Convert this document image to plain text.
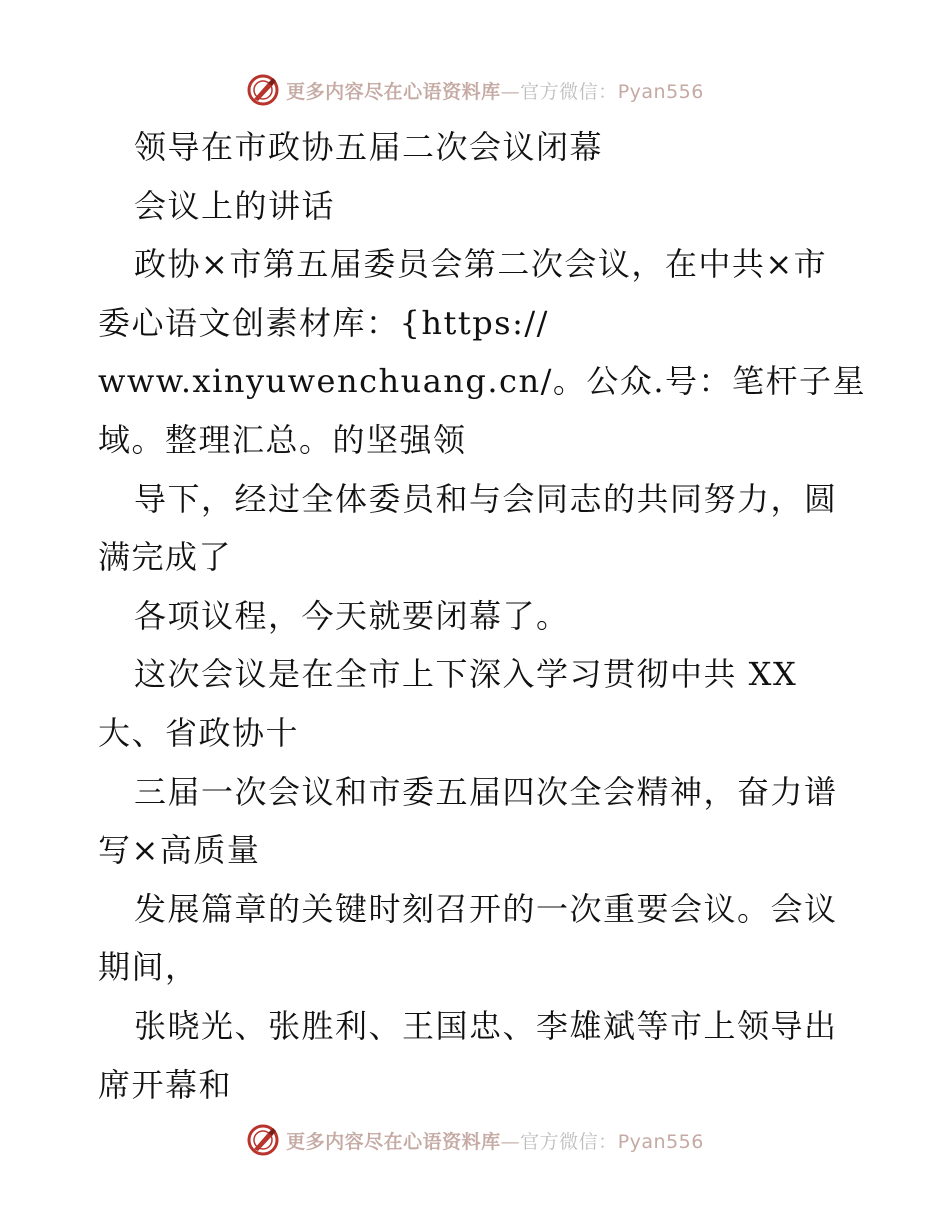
更多内容尽在心语资料库—官方微信：Pyan556
领导在市政协五届二次会议闭幕
会议上的讲话
政协×市第五届委员会第二次会议，在中共×市
委心语文创素材库：{https://
www.xinyuwenchuang.cn/。公众.号：笔杆子星
域。整理汇总。的坚强领
导下，经过全体委员和与会同志的共同努力，圆
满完成了
各项议程，今天就要闭幕了。
这次会议是在全市上下深入学习贯彻中共 XX
大、省政协十
三届一次会议和市委五届四次全会精神，奋力谱
写×高质量
发展篇章的关键时刻召开的一次重要会议。会议
期间，
张晓光、张胜利、王国忠、李雄斌等市上领导出
席开幕和
更多内容尽在心语资料库—官方微信：Pyan556
